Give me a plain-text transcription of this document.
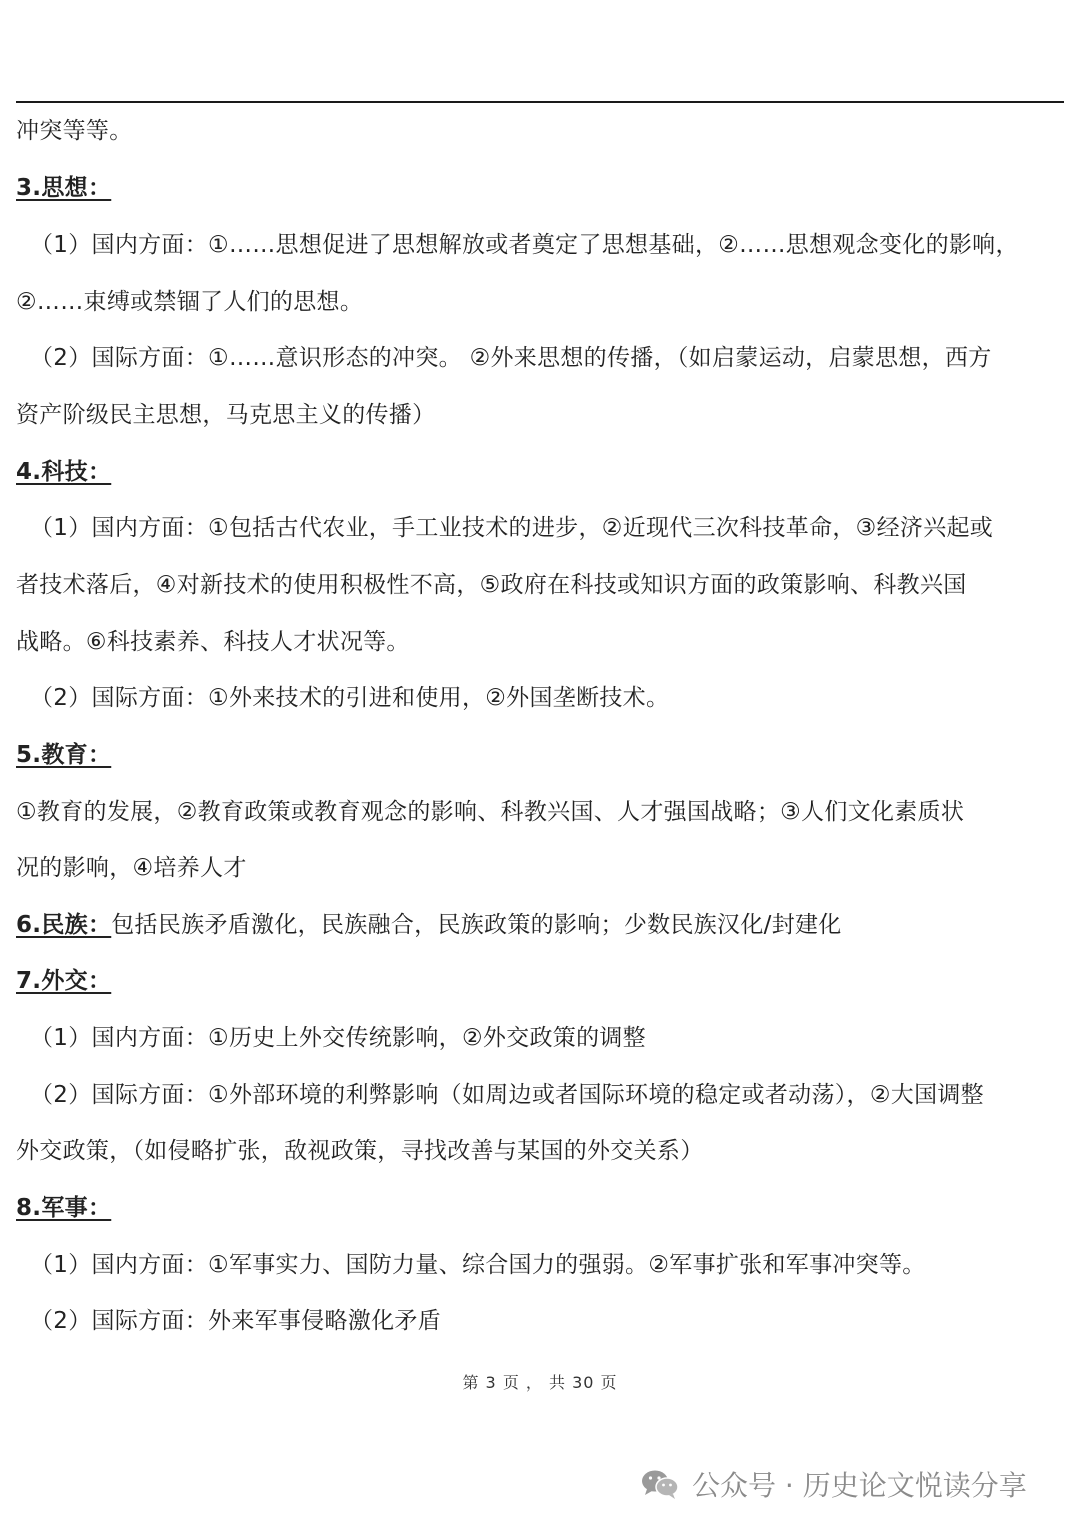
冲突等等。
3.思想：
（1）国内方面：①……思想促进了思想解放或者奠定了思想基础，②……思想观念变化的影响，
②……束缚或禁锢了人们的思想。
（2）国际方面：①……意识形态的冲突。 ②外来思想的传播，（如启蒙运动，启蒙思想，西方
资产阶级民主思想，马克思主义的传播）
4.科技：
（1）国内方面：①包括古代农业，手工业技术的进步，②近现代三次科技革命，③经济兴起或
者技术落后，④对新技术的使用积极性不高，⑤政府在科技或知识方面的政策影响、科教兴国
战略。⑥科技素养、科技人才状况等。
（2）国际方面：①外来技术的引进和使用，②外国垄断技术。
5.教育：
①教育的发展，②教育政策或教育观念的影响、科教兴国、人才强国战略；③人们文化素质状
况的影响，④培养人才
6.民族：包括民族矛盾激化，民族融合，民族政策的影响；少数民族汉化/封建化
7.外交：
（1）国内方面：①历史上外交传统影响，②外交政策的调整
（2）国际方面：①外部环境的利弊影响（如周边或者国际环境的稳定或者动荡），②大国调整
外交政策，（如侵略扩张，敌视政策，寻找改善与某国的外交关系）
8.军事：
（1）国内方面：①军事实力、国防力量、综合国力的强弱。②军事扩张和军事冲突等。
（2）国际方面：外来军事侵略激化矛盾
第 3 页 ， 共 30 页
公众号 · 历史论文悦读分享
